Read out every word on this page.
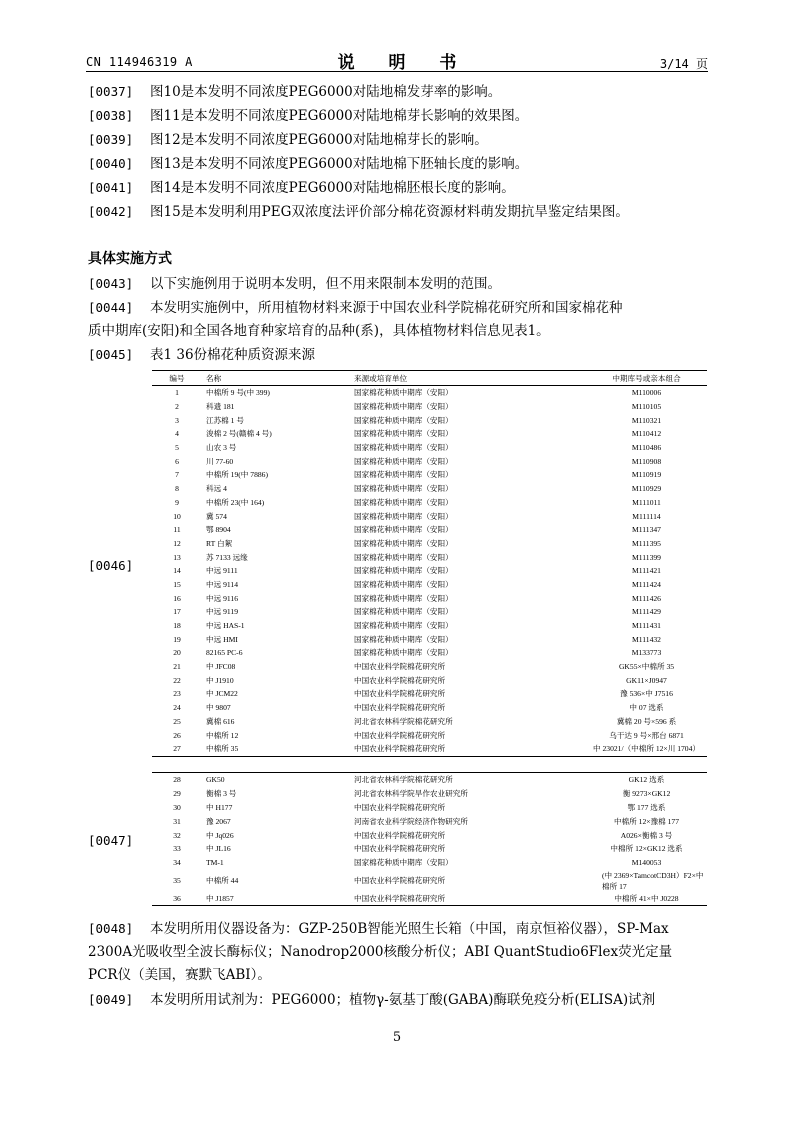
CN 114946319 A	说 明 书	3/14 页
[0037] 图10是本发明不同浓度PEG6000对陆地棉发芽率的影响。
[0038] 图11是本发明不同浓度PEG6000对陆地棉芽长影响的效果图。
[0039] 图12是本发明不同浓度PEG6000对陆地棉芽长的影响。
[0040] 图13是本发明不同浓度PEG6000对陆地棉下胚轴长度的影响。
[0041] 图14是本发明不同浓度PEG6000对陆地棉胚根长度的影响。
[0042] 图15是本发明利用PEG双浓度法评价部分棉花资源材料萌发期抗旱鉴定结果图。
具体实施方式
[0043] 以下实施例用于说明本发明，但不用来限制本发明的范围。
[0044] 本发明实施例中，所用植物材料来源于中国农业科学院棉花研究所和国家棉花种
质中期库(安阳)和全国各地育种家培育的品种(系)，具体植物材料信息见表1。
[0045] 表1 36份棉花种质资源来源
编号	名称	来源或培育单位	中期库号或亲本组合
1	中棉所 9 号(中 399)	国家棉花种质中期库（安阳）	M110006
2	科遗 181	国家棉花种质中期库（安阳）	M110105
3	江苏棉 1 号	国家棉花种质中期库（安阳）	M110321
4	浚棉 2 号(赣棉 4 号)	国家棉花种质中期库（安阳）	M110412
5	山农 3 号	国家棉花种质中期库（安阳）	M110486
6	川 77-60	国家棉花种质中期库（安阳）	M110908
7	中棉所 19(中 7886)	国家棉花种质中期库（安阳）	M110919
8	科远 4	国家棉花种质中期库（安阳）	M110929
9	中棉所 23(中 164)	国家棉花种质中期库（安阳）	M111011
10	冀 574	国家棉花种质中期库（安阳）	M111114
11	鄂 8904	国家棉花种质中期库（安阳）	M111347
12	RT 白絮	国家棉花种质中期库（安阳）	M111395
13	苏 7133 远缘	国家棉花种质中期库（安阳）	M111399
14	中远 9111	国家棉花种质中期库（安阳）	M111421
15	中远 9114	国家棉花种质中期库（安阳）	M111424
16	中远 9116	国家棉花种质中期库（安阳）	M111426
17	中远 9119	国家棉花种质中期库（安阳）	M111429
18	中远 HAS-1	国家棉花种质中期库（安阳）	M111431
19	中远 HMI	国家棉花种质中期库（安阳）	M111432
20	82165 PC-6	国家棉花种质中期库（安阳）	M133773
21	中 JFC08	中国农业科学院棉花研究所	GK55×中棉所 35
22	中 J1910	中国农业科学院棉花研究所	GK11×J0947
23	中 JCM22	中国农业科学院棉花研究所	豫 536×中 J7516
24	中 9807	中国农业科学院棉花研究所	中 07 选系
25	冀棉 616	河北省农林科学院棉花研究所	冀棉 20 号×596 系
26	中棉所 12	中国农业科学院棉花研究所	乌干达 9 号×邢台 6871
27	中棉所 35	中国农业科学院棉花研究所	中 23021/（中棉所 12×川 1704）
[0046]
28	GK50	河北省农林科学院棉花研究所	GK12 选系
29	衡棉 3 号	河北省农林科学院旱作农业研究所	衡 9273×GK12
30	中 H177	中国农业科学院棉花研究所	鄂 177 选系
31	豫 2067	河南省农业科学院经济作物研究所	中棉所 12×豫棉 177
32	中 Jq026	中国农业科学院棉花研究所	A026×衡棉 3 号
33	中 JL16	中国农业科学院棉花研究所	中棉所 12×GK12 选系
34	TM-1	国家棉花种质中期库（安阳）	M140053
35	中棉所 44	中国农业科学院棉花研究所	(中 2369×TamcotCD3H）F2×中棉所 17
36	中 J1857	中国农业科学院棉花研究所	中棉所 41×中 J0228
[0047]
[0048] 本发明所用仪器设备为：GZP-250B智能光照生长箱（中国，南京恒裕仪器），SP-Max
2300A光吸收型全波长酶标仪；Nanodrop2000核酸分析仪；ABI QuantStudio6Flex荧光定量
PCR仪（美国，赛默飞ABI）。
[0049] 本发明所用试剂为：PEG6000；植物γ-氨基丁酸(GABA)酶联免疫分析(ELISA)试剂
5
